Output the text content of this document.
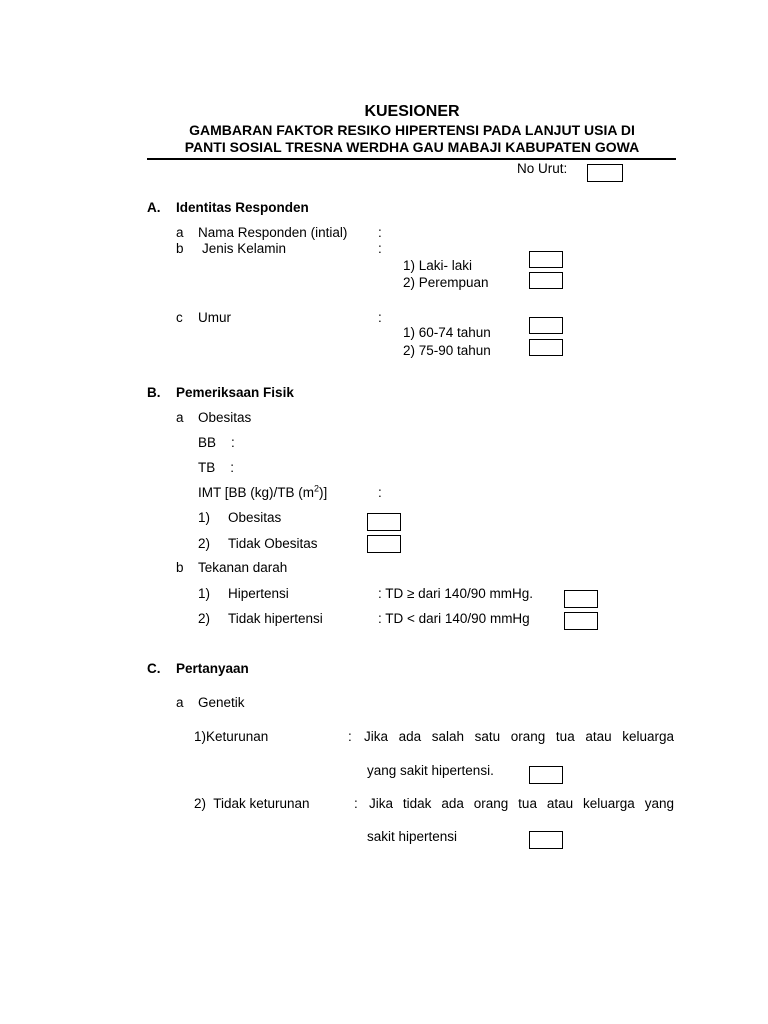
KUESIONER
GAMBARAN FAKTOR RESIKO HIPERTENSI PADA LANJUT USIA DI
PANTI SOSIAL TRESNA WERDHA GAU MABAJI KABUPATEN GOWA
No Urut:
A. Identitas Responden
a Nama Responden (intial) :
b Jenis Kelamin	:
1) Laki- laki
2) Perempuan
c Umur	:
1) 60-74 tahun
2) 75-90 tahun
B. Pemeriksaan Fisik
a Obesitas
BB    :
TB    :
IMT [BB (kg)/TB $(m^2)$]	:
1) Obesitas
2) Tidak Obesitas
b Tekanan darah
1) Hipertensi	: TD ≥ dari 140/90 mmHg.
2) Tidak hipertensi	: TD < dari 140/90 mmHg
C. Pertanyaan
a Genetik
1)Keturunan	: Jika ada salah satu orang tua atau keluarga
yang sakit hipertensi.
2)  Tidak keturunan	: Jika tidak ada orang tua atau keluarga yang
sakit hipertensi
